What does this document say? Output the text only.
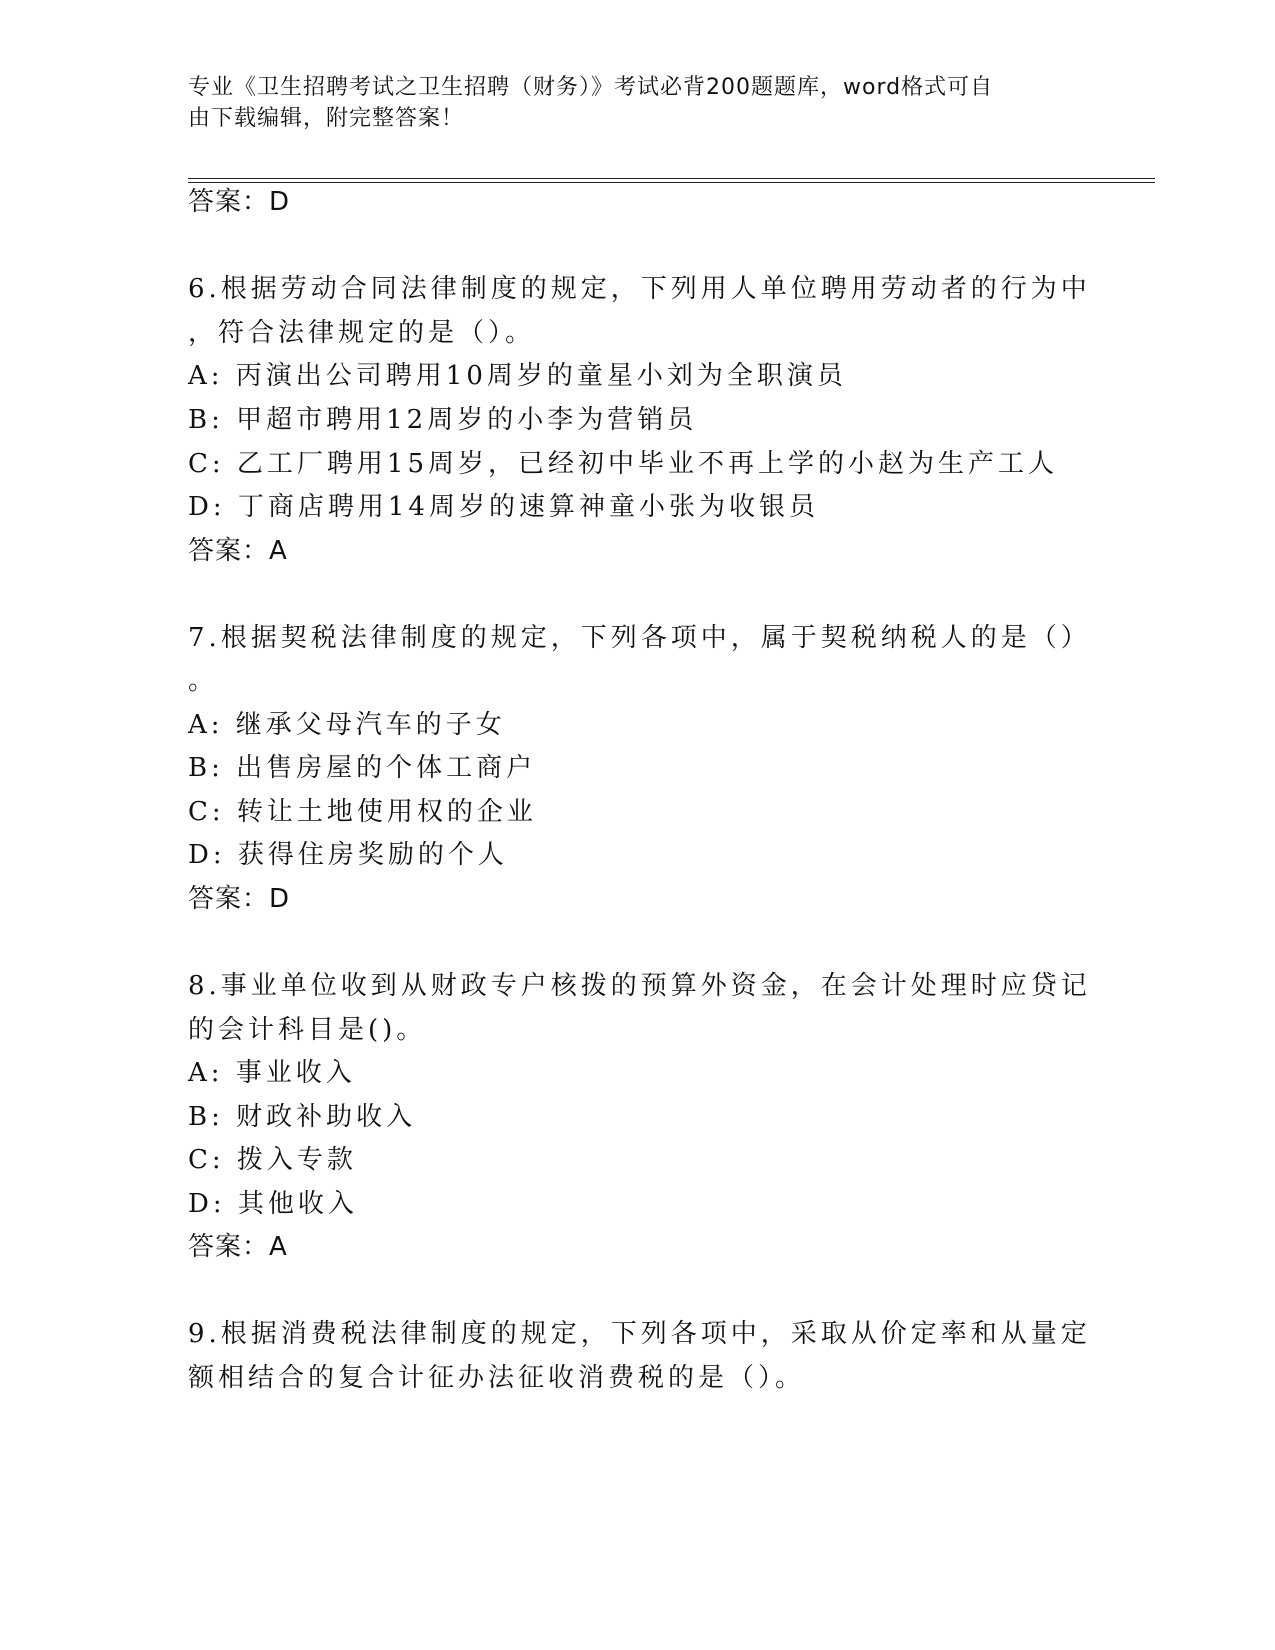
专业《卫生招聘考试之卫生招聘（财务）》考试必背200题题库，word格式可自
由下载编辑，附完整答案！
答案：D
6.根据劳动合同法律制度的规定，下列用人单位聘用劳动者的行为中
，符合法律规定的是（）。
A: 丙演出公司聘用10周岁的童星小刘为全职演员
B: 甲超市聘用12周岁的小李为营销员
C: 乙工厂聘用15周岁，已经初中毕业不再上学的小赵为生产工人
D: 丁商店聘用14周岁的速算神童小张为收银员
答案：A
7.根据契税法律制度的规定，下列各项中，属于契税纳税人的是（）
。
A: 继承父母汽车的子女
B: 出售房屋的个体工商户
C: 转让土地使用权的企业
D: 获得住房奖励的个人
答案：D
8.事业单位收到从财政专户核拨的预算外资金，在会计处理时应贷记
的会计科目是()。
A: 事业收入
B: 财政补助收入
C: 拨入专款
D: 其他收入
答案：A
9.根据消费税法律制度的规定，下列各项中，采取从价定率和从量定
额相结合的复合计征办法征收消费税的是（）。
